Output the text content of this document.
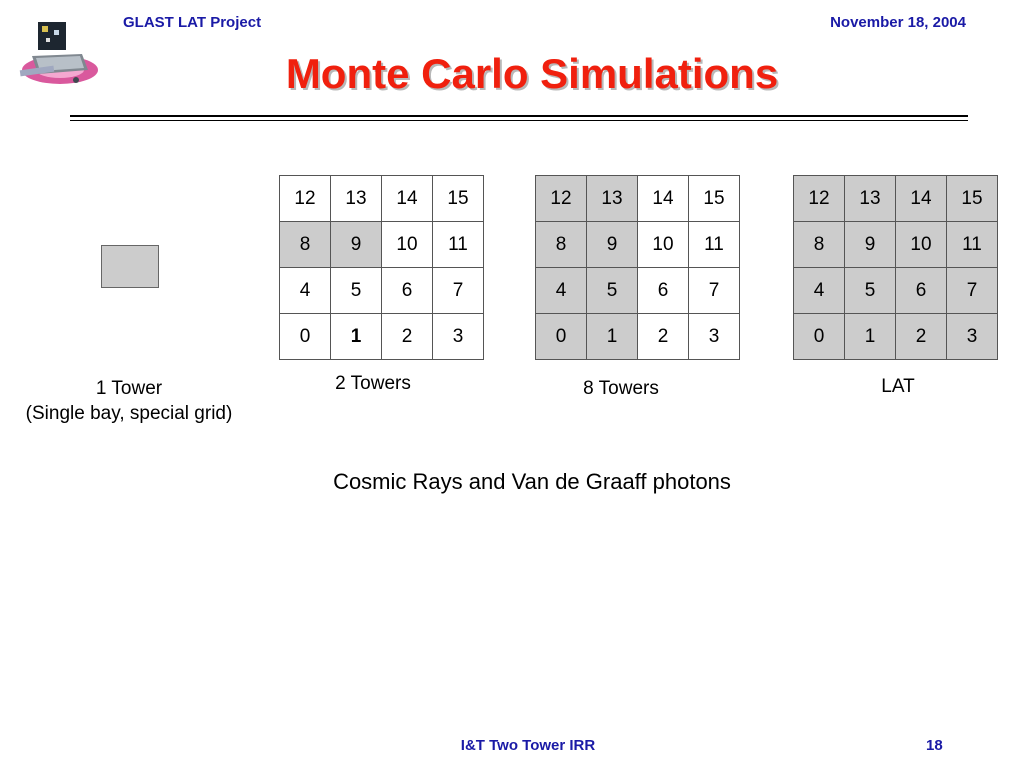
GLAST LAT Project	November 18, 2004
Monte Carlo Simulations
1 Tower
(Single bay, special grid)
12	13	14	15
8	9	10	11
4	5	6	7
0	1	2	3
2 Towers
12	13	14	15
8	9	10	11
4	5	6	7
0	1	2	3
8 Towers
12	13	14	15
8	9	10	11
4	5	6	7
0	1	2	3
LAT
Cosmic Rays and Van de Graaff photons
I&T Two Tower IRR	18
